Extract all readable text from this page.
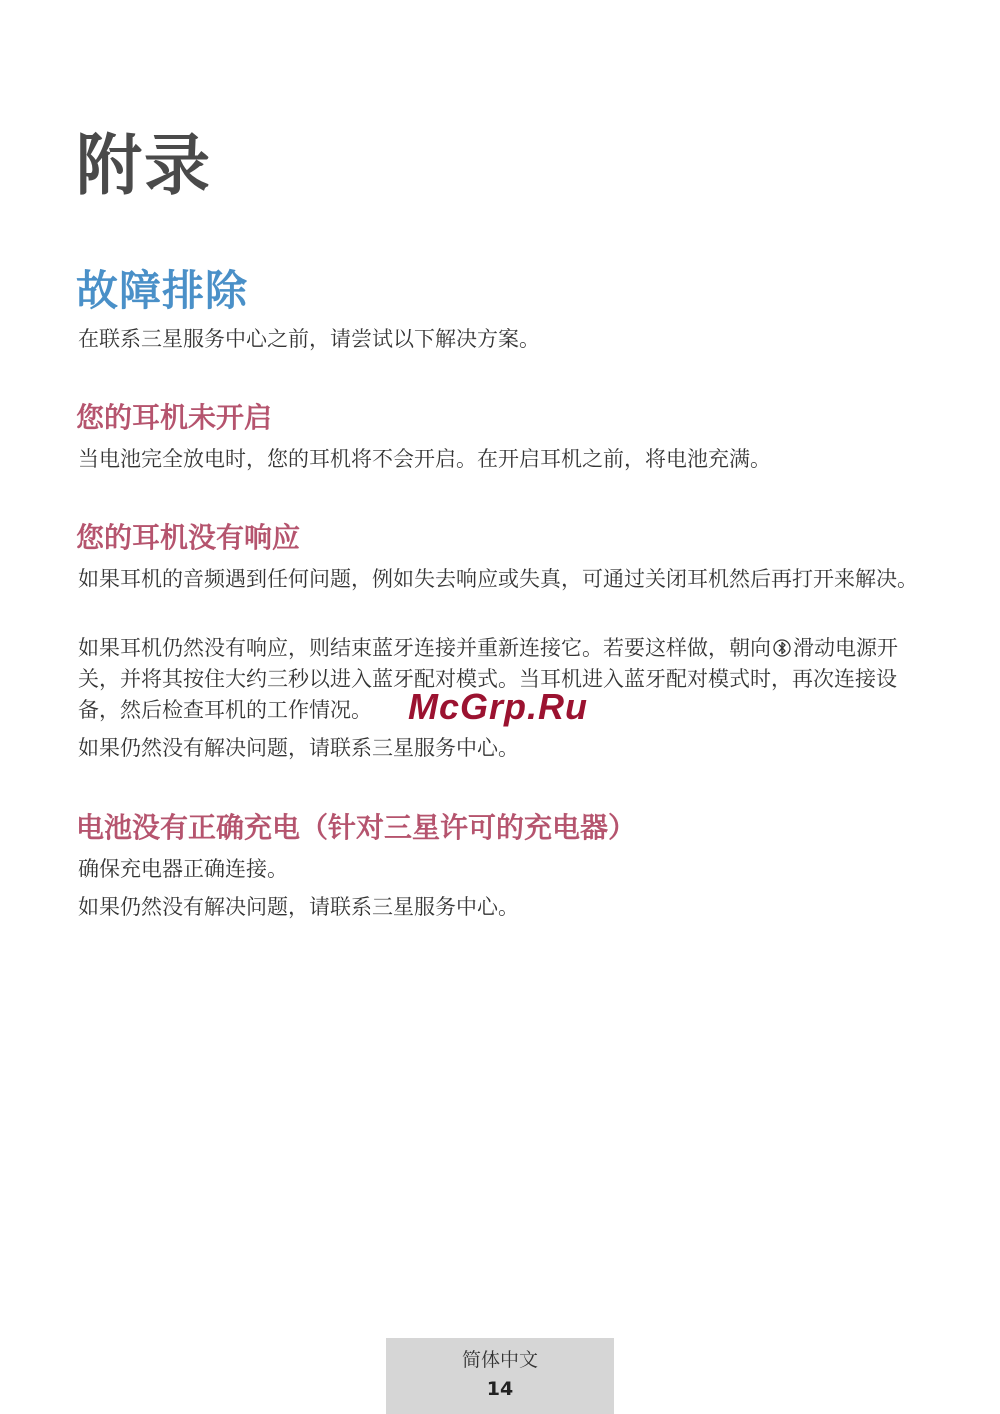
附录
故障排除

在联系三星服务中心之前，请尝试以下解决方案。

您的耳机未开启

当电池完全放电时，您的耳机将不会开启。在开启耳机之前，将电池充满。

您的耳机没有响应

如果耳机的音频遇到任何问题，例如失去响应或失真，可通过关闭耳机然后再打开来解决。

如果耳机仍然没有响应，则结束蓝牙连接并重新连接它。若要这样做，朝向 滑动电源开关，并将其按住大约三秒以进入蓝牙配对模式。当耳机进入蓝牙配对模式时，再次连接设备，然后检查耳机的工作情况。

如果仍然没有解决问题，请联系三星服务中心。

电池没有正确充电（针对三星许可的充电器）

确保充电器正确连接。

如果仍然没有解决问题，请联系三星服务中心。

McGrp.Ru
简体中文
14
